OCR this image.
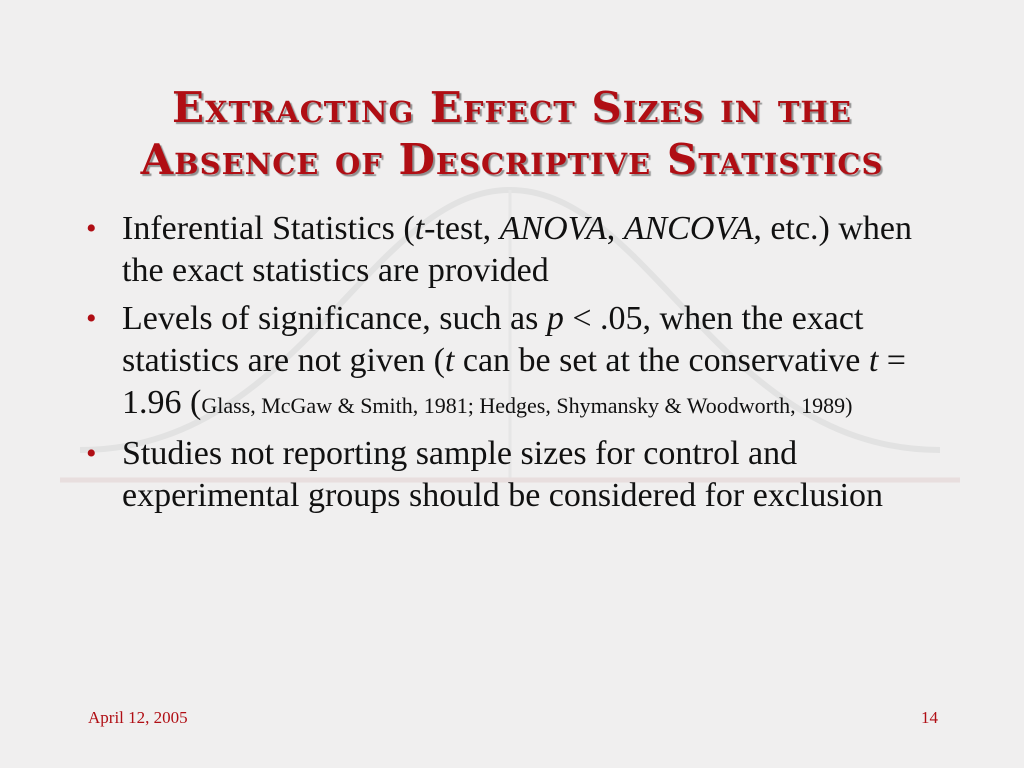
Extracting Effect Sizes in the
Absence of Descriptive Statistics
• Inferential Statistics (t-test, ANOVA, ANCOVA, etc.) when the exact statistics are provided
• Levels of significance, such as p < .05, when the exact statistics are not given (t can be set at the conservative t = 1.96 (Glass, McGaw & Smith, 1981; Hedges, Shymansky & Woodworth, 1989)
• Studies not reporting sample sizes for control and experimental groups should be considered for exclusion
April 12, 2005	14
